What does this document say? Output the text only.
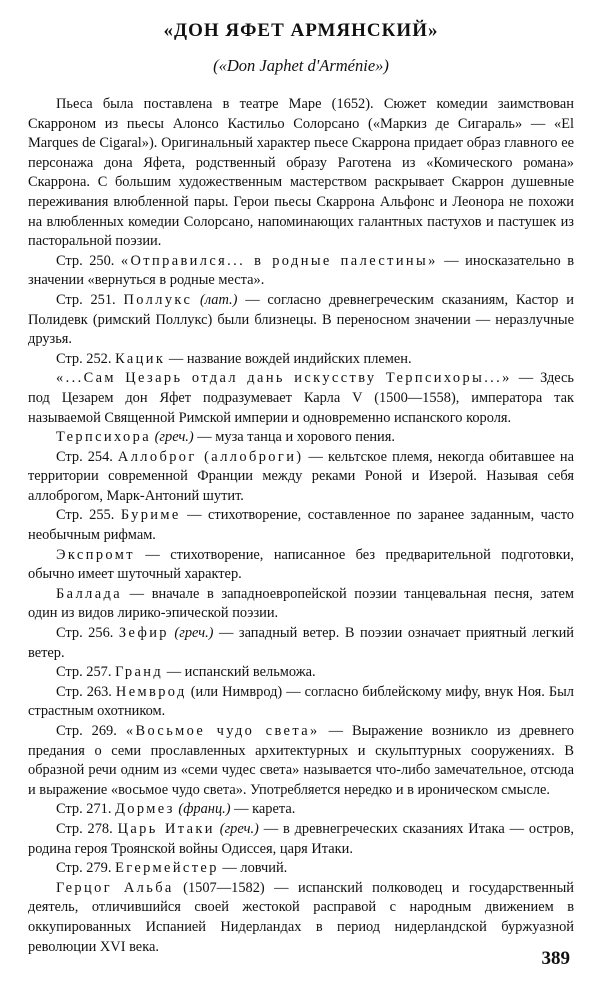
«ДОН ЯФЕТ АРМЯНСКИЙ»
(«Don Japhet d'Arménie»)

Пьеса была поставлена в театре Маре (1652). Сюжет комедии заимствован Скарроном из пьесы Алонсо Кастильо Солорсано («Маркиз де Сигараль» — «El Marques de Cigaral»). Оригинальный характер пьесе Скаррона придает образ главного ее персонажа дона Яфета, родственный образу Раготена из «Комического романа» Скаррона. С большим художественным мастерством раскрывает Скаррон душевные переживания влюбленной пары. Герои пьесы Скаррона Альфонс и Леонора не похожи на влюбленных комедии Солорсано, напоминающих галантных пастухов и пастушек из пасторальной поэзии.

Стр. 250. «Отправился... в родные палестины» — иносказательно в значении «вернуться в родные места».

Стр. 251. Поллукс (лат.) — согласно древнегреческим сказаниям, Кастор и Полидевк (римский Поллукс) были близнецы. В переносном значении — неразлучные друзья.

Стр. 252. Кацик — название вождей индийских племен.

«...Сам Цезарь отдал дань искусству Терпсихоры...» — Здесь под Цезарем дон Яфет подразумевает Карла V (1500—1558), императора так называемой Священной Римской империи и одновременно испанского короля.

Терпсихора (греч.) — муза танца и хорового пения.

Стр. 254. Аллоброг (аллоброги) — кельтское племя, некогда обитавшее на территории современной Франции между реками Роной и Изерой. Называя себя аллоброгом, Марк-Антоний шутит.

Стр. 255. Буриме — стихотворение, составленное по заранее заданным, часто необычным рифмам.

Экспромт — стихотворение, написанное без предварительной подготовки, обычно имеет шуточный характер.

Баллада — вначале в западноевропейской поэзии танцевальная песня, затем один из видов лирико-эпической поэзии.

Стр. 256. Зефир (греч.) — западный ветер. В поэзии означает приятный легкий ветер.

Стр. 257. Гранд — испанский вельможа.

Стр. 263. Немврод (или Нимврод) — согласно библейскому мифу, внук Ноя. Был страстным охотником.

Стр. 269. «Восьмое чудо света» — Выражение возникло из древнего предания о семи прославленных архитектурных и скульптурных сооружениях. В образной речи одним из «семи чудес света» называется что-либо замечательное, отсюда и выражение «восьмое чудо света». Употребляется нередко и в ироническом смысле.

Стр. 271. Дормез (франц.) — карета.

Стр. 278. Царь Итаки (греч.) — в древнегреческих сказаниях Итака — остров, родина героя Троянской войны Одиссея, царя Итаки.

Стр. 279. Егермейстер — ловчий.

Герцог Альба (1507—1582) — испанский полководец и государственный деятель, отличившийся своей жестокой расправой с народным движением в оккупированных Испанией Нидерландах в период нидерландской буржуазной революции XVI века.

389
